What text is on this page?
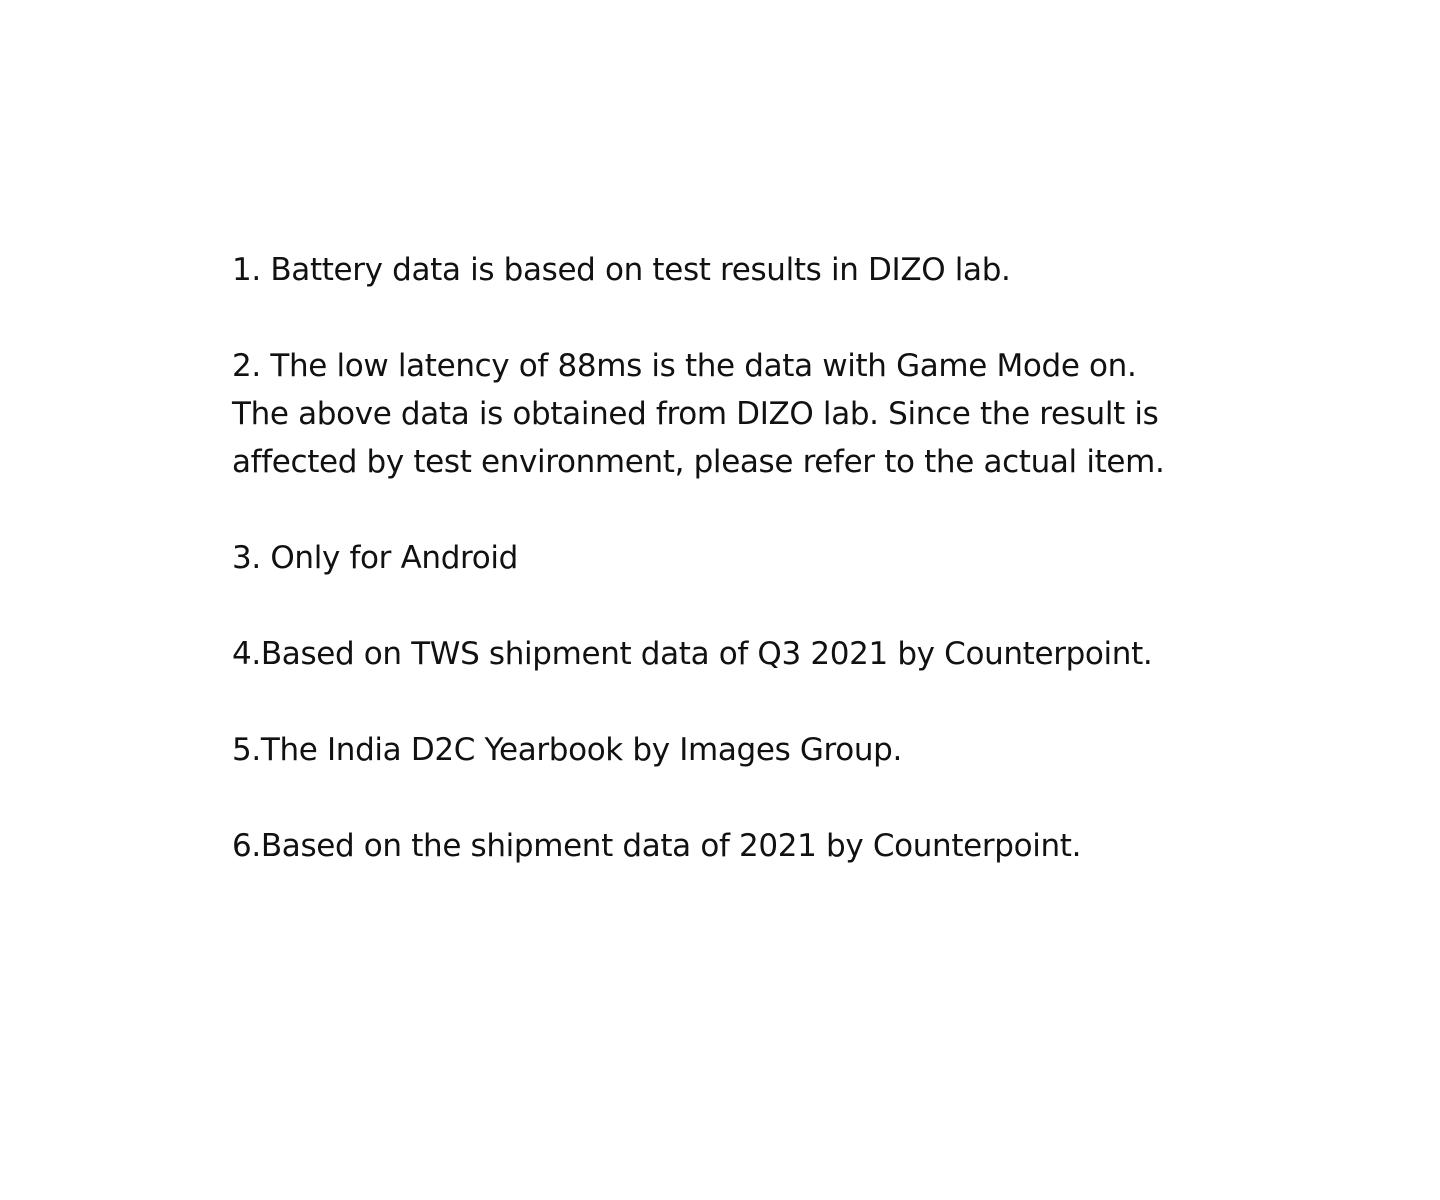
1. Battery data is based on test results in DIZO lab.
2. The low latency of 88ms is the data with Game Mode on.
The above data is obtained from DIZO lab. Since the result is
affected by test environment, please refer to the actual item.
3. Only for Android
4.Based on TWS shipment data of Q3 2021 by Counterpoint.
5.The India D2C Yearbook by Images Group.
6.Based on the shipment data of 2021 by Counterpoint.
